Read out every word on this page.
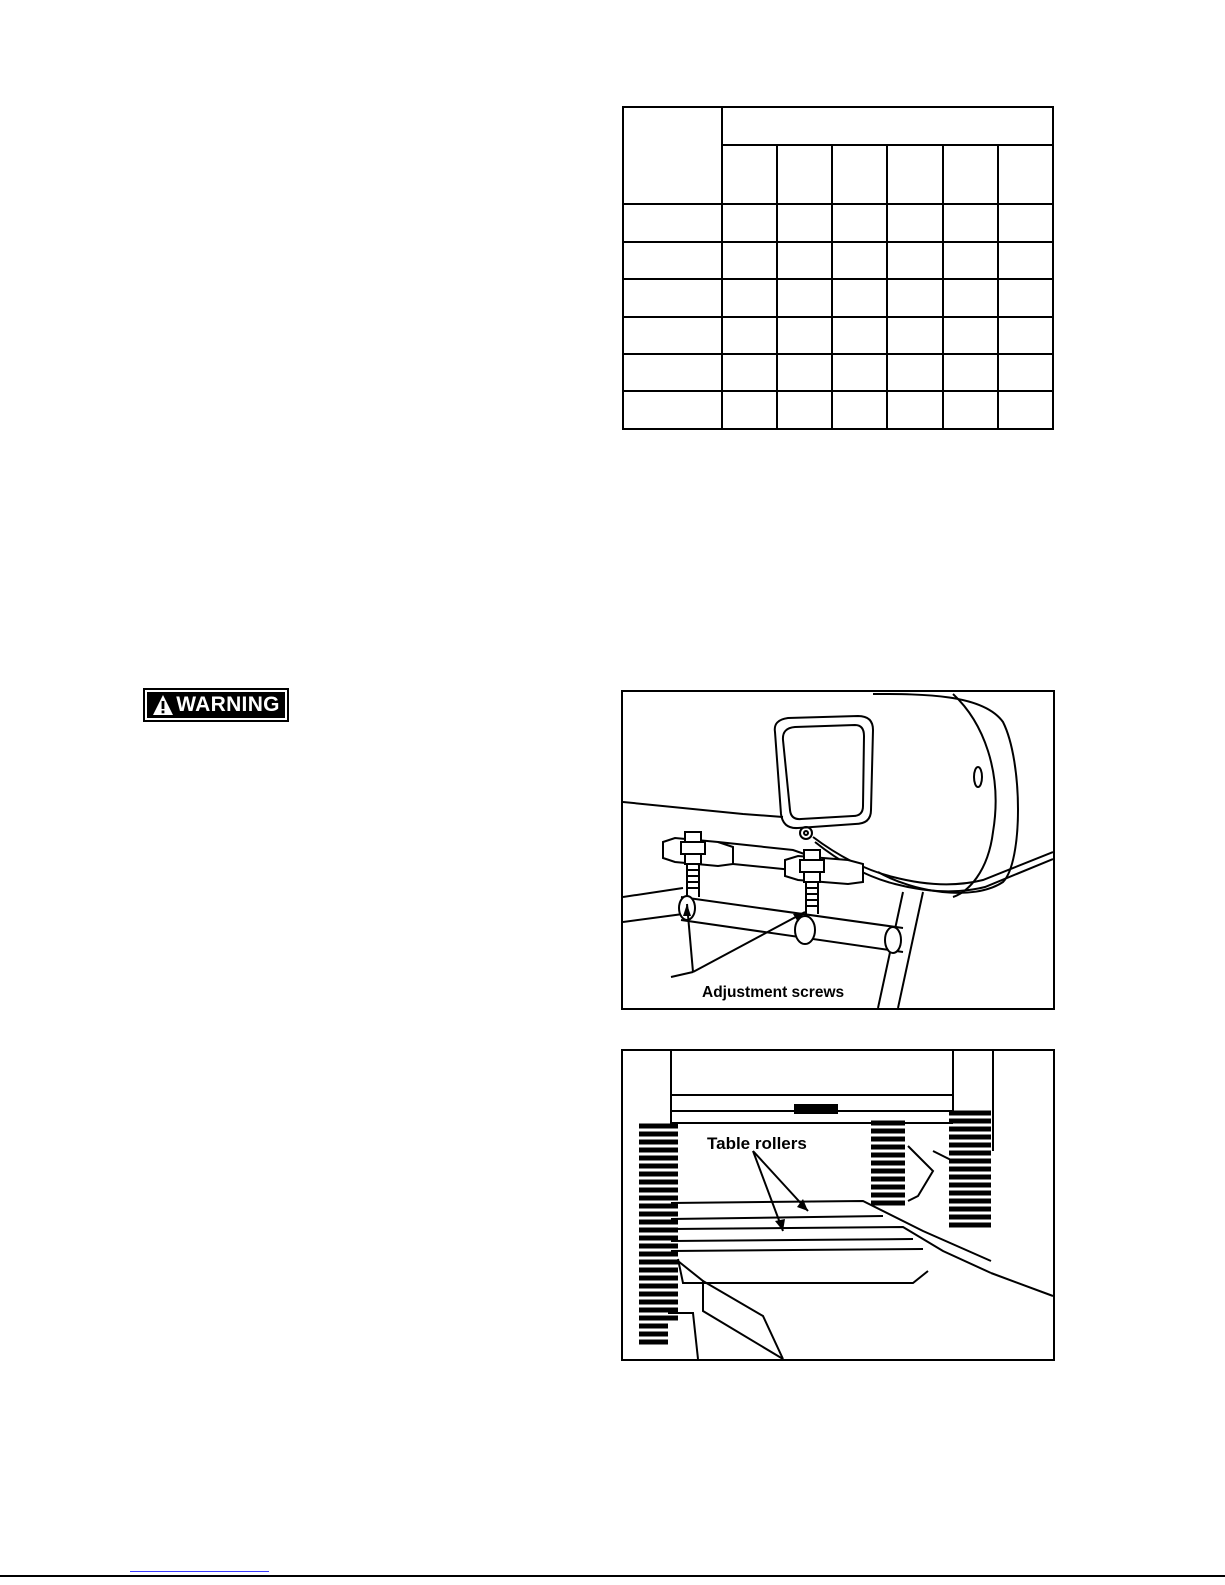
WARNING
Adjustment screws
Table rollers
